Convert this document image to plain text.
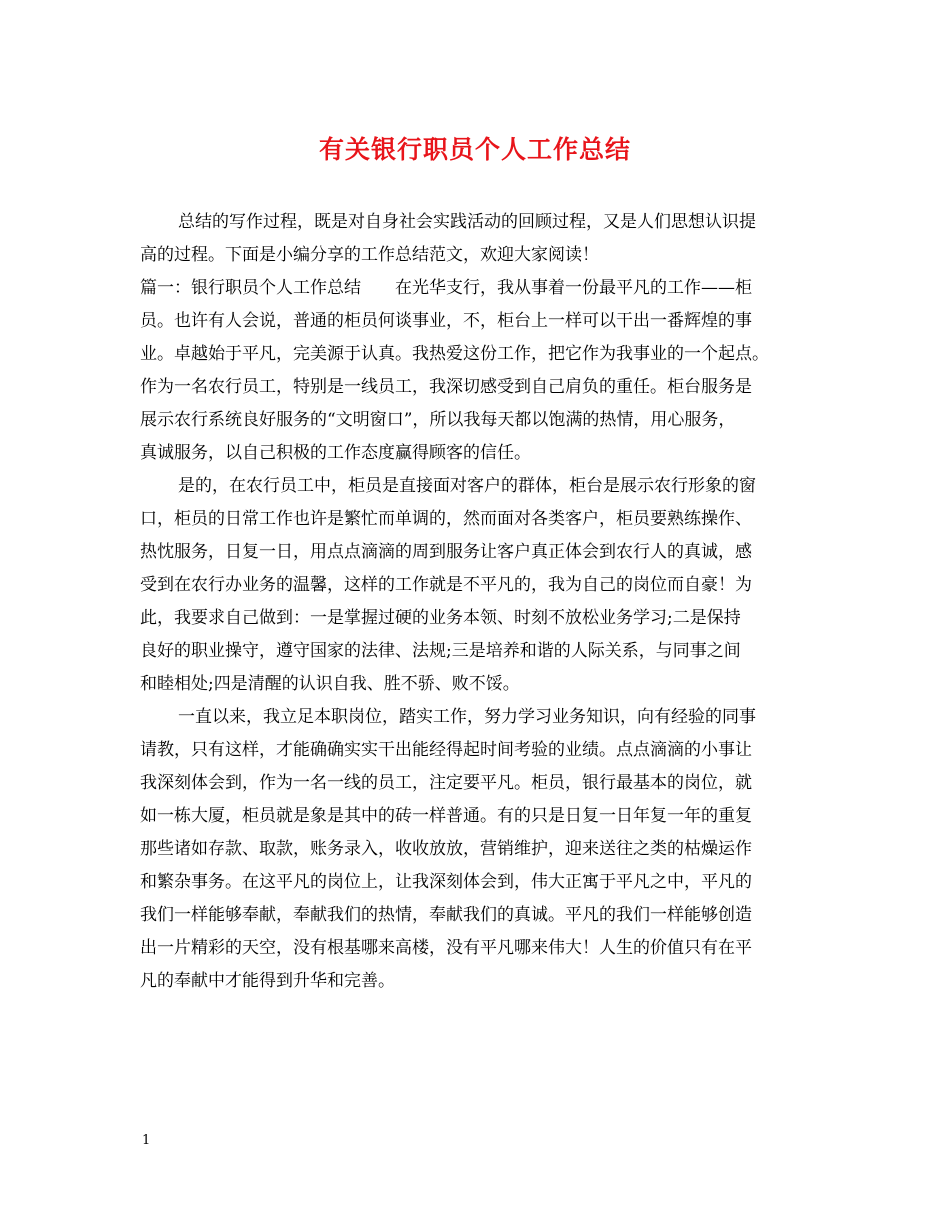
有关银行职员个人工作总结
总结的写作过程，既是对自身社会实践活动的回顾过程，又是人们思想认识提
高的过程。下面是小编分享的工作总结范文，欢迎大家阅读！
篇一：银行职员个人工作总结 在光华支行，我从事着一份最平凡的工作——柜
员。也许有人会说，普通的柜员何谈事业，不，柜台上一样可以干出一番辉煌的事
业。卓越始于平凡，完美源于认真。我热爱这份工作，把它作为我事业的一个起点。
作为一名农行员工，特别是一线员工，我深切感受到自己肩负的重任。柜台服务是
展示农行系统良好服务的“文明窗口”，所以我每天都以饱满的热情，用心服务，
真诚服务，以自己积极的工作态度赢得顾客的信任。
是的，在农行员工中，柜员是直接面对客户的群体，柜台是展示农行形象的窗
口，柜员的日常工作也许是繁忙而单调的，然而面对各类客户，柜员要熟练操作、
热忱服务，日复一日，用点点滴滴的周到服务让客户真正体会到农行人的真诚，感
受到在农行办业务的温馨，这样的工作就是不平凡的，我为自己的岗位而自豪！为
此，我要求自己做到：一是掌握过硬的业务本领、时刻不放松业务学习;二是保持
良好的职业操守，遵守国家的法律、法规;三是培养和谐的人际关系，与同事之间
和睦相处;四是清醒的认识自我、胜不骄、败不馁。
一直以来，我立足本职岗位，踏实工作，努力学习业务知识，向有经验的同事
请教，只有这样，才能确确实实干出能经得起时间考验的业绩。点点滴滴的小事让
我深刻体会到，作为一名一线的员工，注定要平凡。柜员，银行最基本的岗位，就
如一栋大厦，柜员就是象是其中的砖一样普通。有的只是日复一日年复一年的重复
那些诸如存款、取款，账务录入，收收放放，营销维护，迎来送往之类的枯燥运作
和繁杂事务。在这平凡的岗位上，让我深刻体会到，伟大正寓于平凡之中，平凡的
我们一样能够奉献，奉献我们的热情，奉献我们的真诚。平凡的我们一样能够创造
出一片精彩的天空，没有根基哪来高楼，没有平凡哪来伟大！人生的价值只有在平
凡的奉献中才能得到升华和完善。
1
